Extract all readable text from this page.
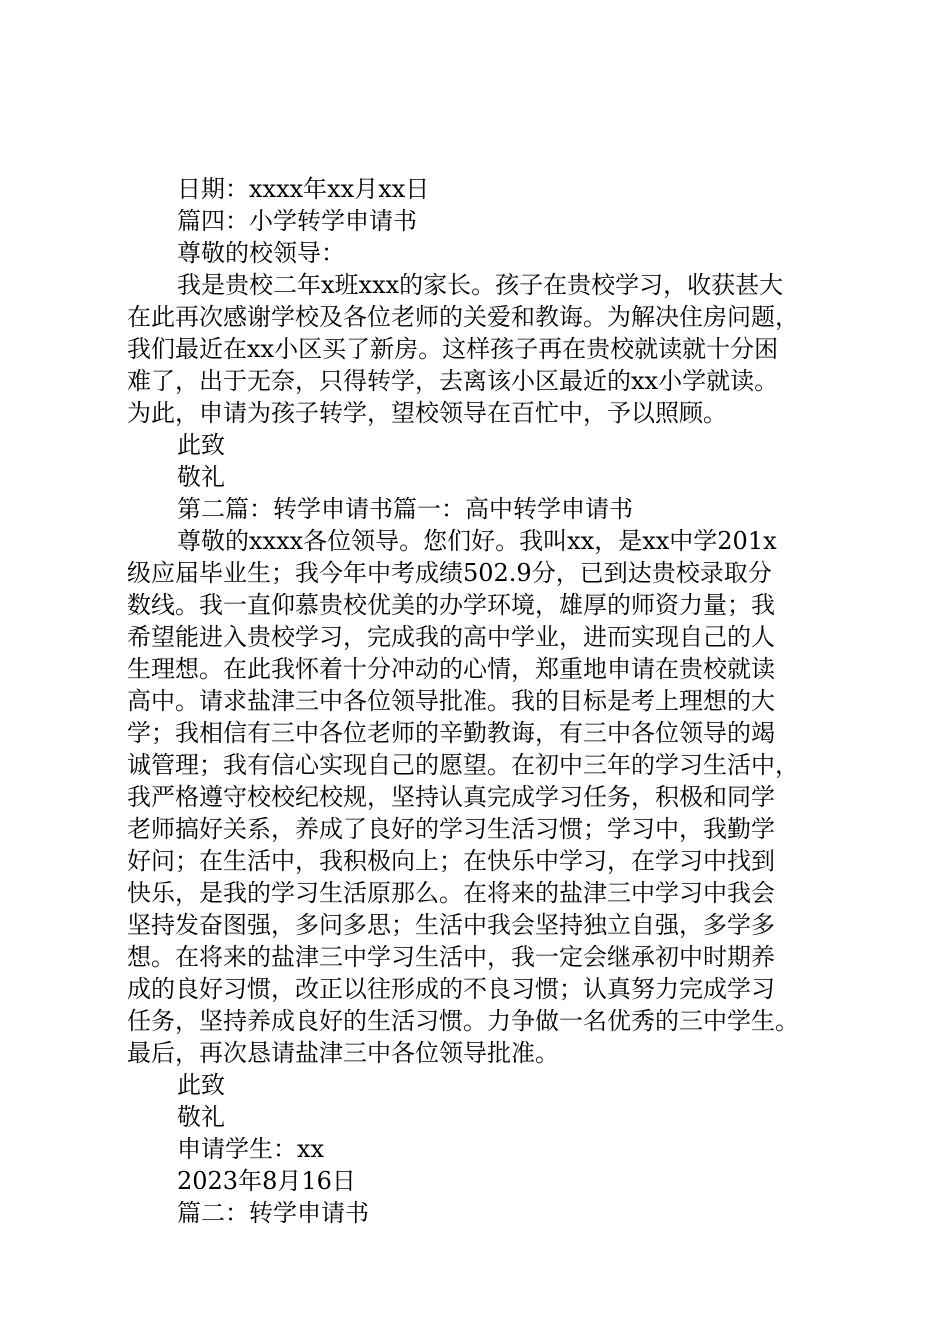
日期：xxxx年xx月xx日
篇四：小学转学申请书
尊敬的校领导：
我是贵校二年x班xxx的家长。孩子在贵校学习，收获甚大
在此再次感谢学校及各位老师的关爱和教诲。为解决住房问题，
我们最近在xx小区买了新房。这样孩子再在贵校就读就十分困
难了，出于无奈，只得转学，去离该小区最近的xx小学就读。
为此，申请为孩子转学，望校领导在百忙中，予以照顾。
此致
敬礼
第二篇：转学申请书篇一：高中转学申请书
尊敬的xxxx各位领导。您们好。我叫xx，是xx中学201x
级应届毕业生；我今年中考成绩502.9分，已到达贵校录取分
数线。我一直仰慕贵校优美的办学环境，雄厚的师资力量；我
希望能进入贵校学习，完成我的高中学业，进而实现自己的人
生理想。在此我怀着十分冲动的心情，郑重地申请在贵校就读
高中。请求盐津三中各位领导批准。我的目标是考上理想的大
学；我相信有三中各位老师的辛勤教诲，有三中各位领导的竭
诚管理；我有信心实现自己的愿望。在初中三年的学习生活中，
我严格遵守校校纪校规，坚持认真完成学习任务，积极和同学
老师搞好关系，养成了良好的学习生活习惯；学习中，我勤学
好问；在生活中，我积极向上；在快乐中学习，在学习中找到
快乐，是我的学习生活原那么。在将来的盐津三中学习中我会
坚持发奋图强，多问多思；生活中我会坚持独立自强，多学多
想。在将来的盐津三中学习生活中，我一定会继承初中时期养
成的良好习惯，改正以往形成的不良习惯；认真努力完成学习
任务，坚持养成良好的生活习惯。力争做一名优秀的三中学生。
最后，再次恳请盐津三中各位领导批准。
此致
敬礼
申请学生：xx
2023年8月16日
篇二：转学申请书
